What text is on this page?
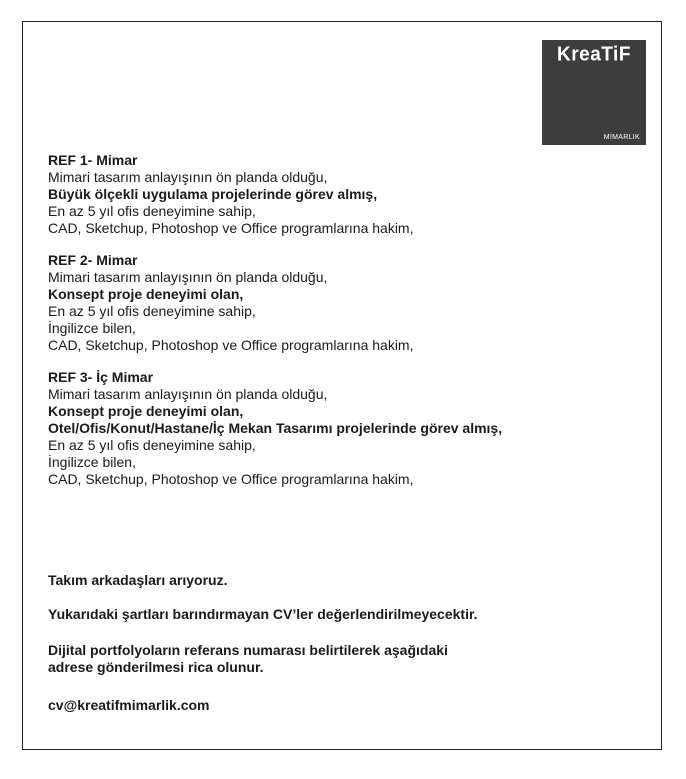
KreaTiF
MİMARLIK
REF 1- Mimar
Mimari tasarım anlayışının ön planda olduğu,
Büyük ölçekli uygulama projelerinde görev almış,
En az 5 yıl ofis deneyimine sahip,
CAD, Sketchup, Photoshop ve Office programlarına hakim,
REF 2- Mimar
Mimari tasarım anlayışının ön planda olduğu,
Konsept proje deneyimi olan,
En az 5 yıl ofis deneyimine sahip,
İngilizce bilen,
CAD, Sketchup, Photoshop ve Office programlarına hakim,
REF 3- İç Mimar
Mimari tasarım anlayışının ön planda olduğu,
Konsept proje deneyimi olan,
Otel/Ofis/Konut/Hastane/İç Mekan Tasarımı projelerinde görev almış,
En az 5 yıl ofis deneyimine sahip,
İngilizce bilen,
CAD, Sketchup, Photoshop ve Office programlarına hakim,
Takım arkadaşları arıyoruz.
Yukarıdaki şartları barındırmayan CV’ler değerlendirilmeyecektir.
Dijital portfolyoların referans numarası belirtilerek aşağıdaki
adrese gönderilmesi rica olunur.
cv@kreatifmimarlik.com
